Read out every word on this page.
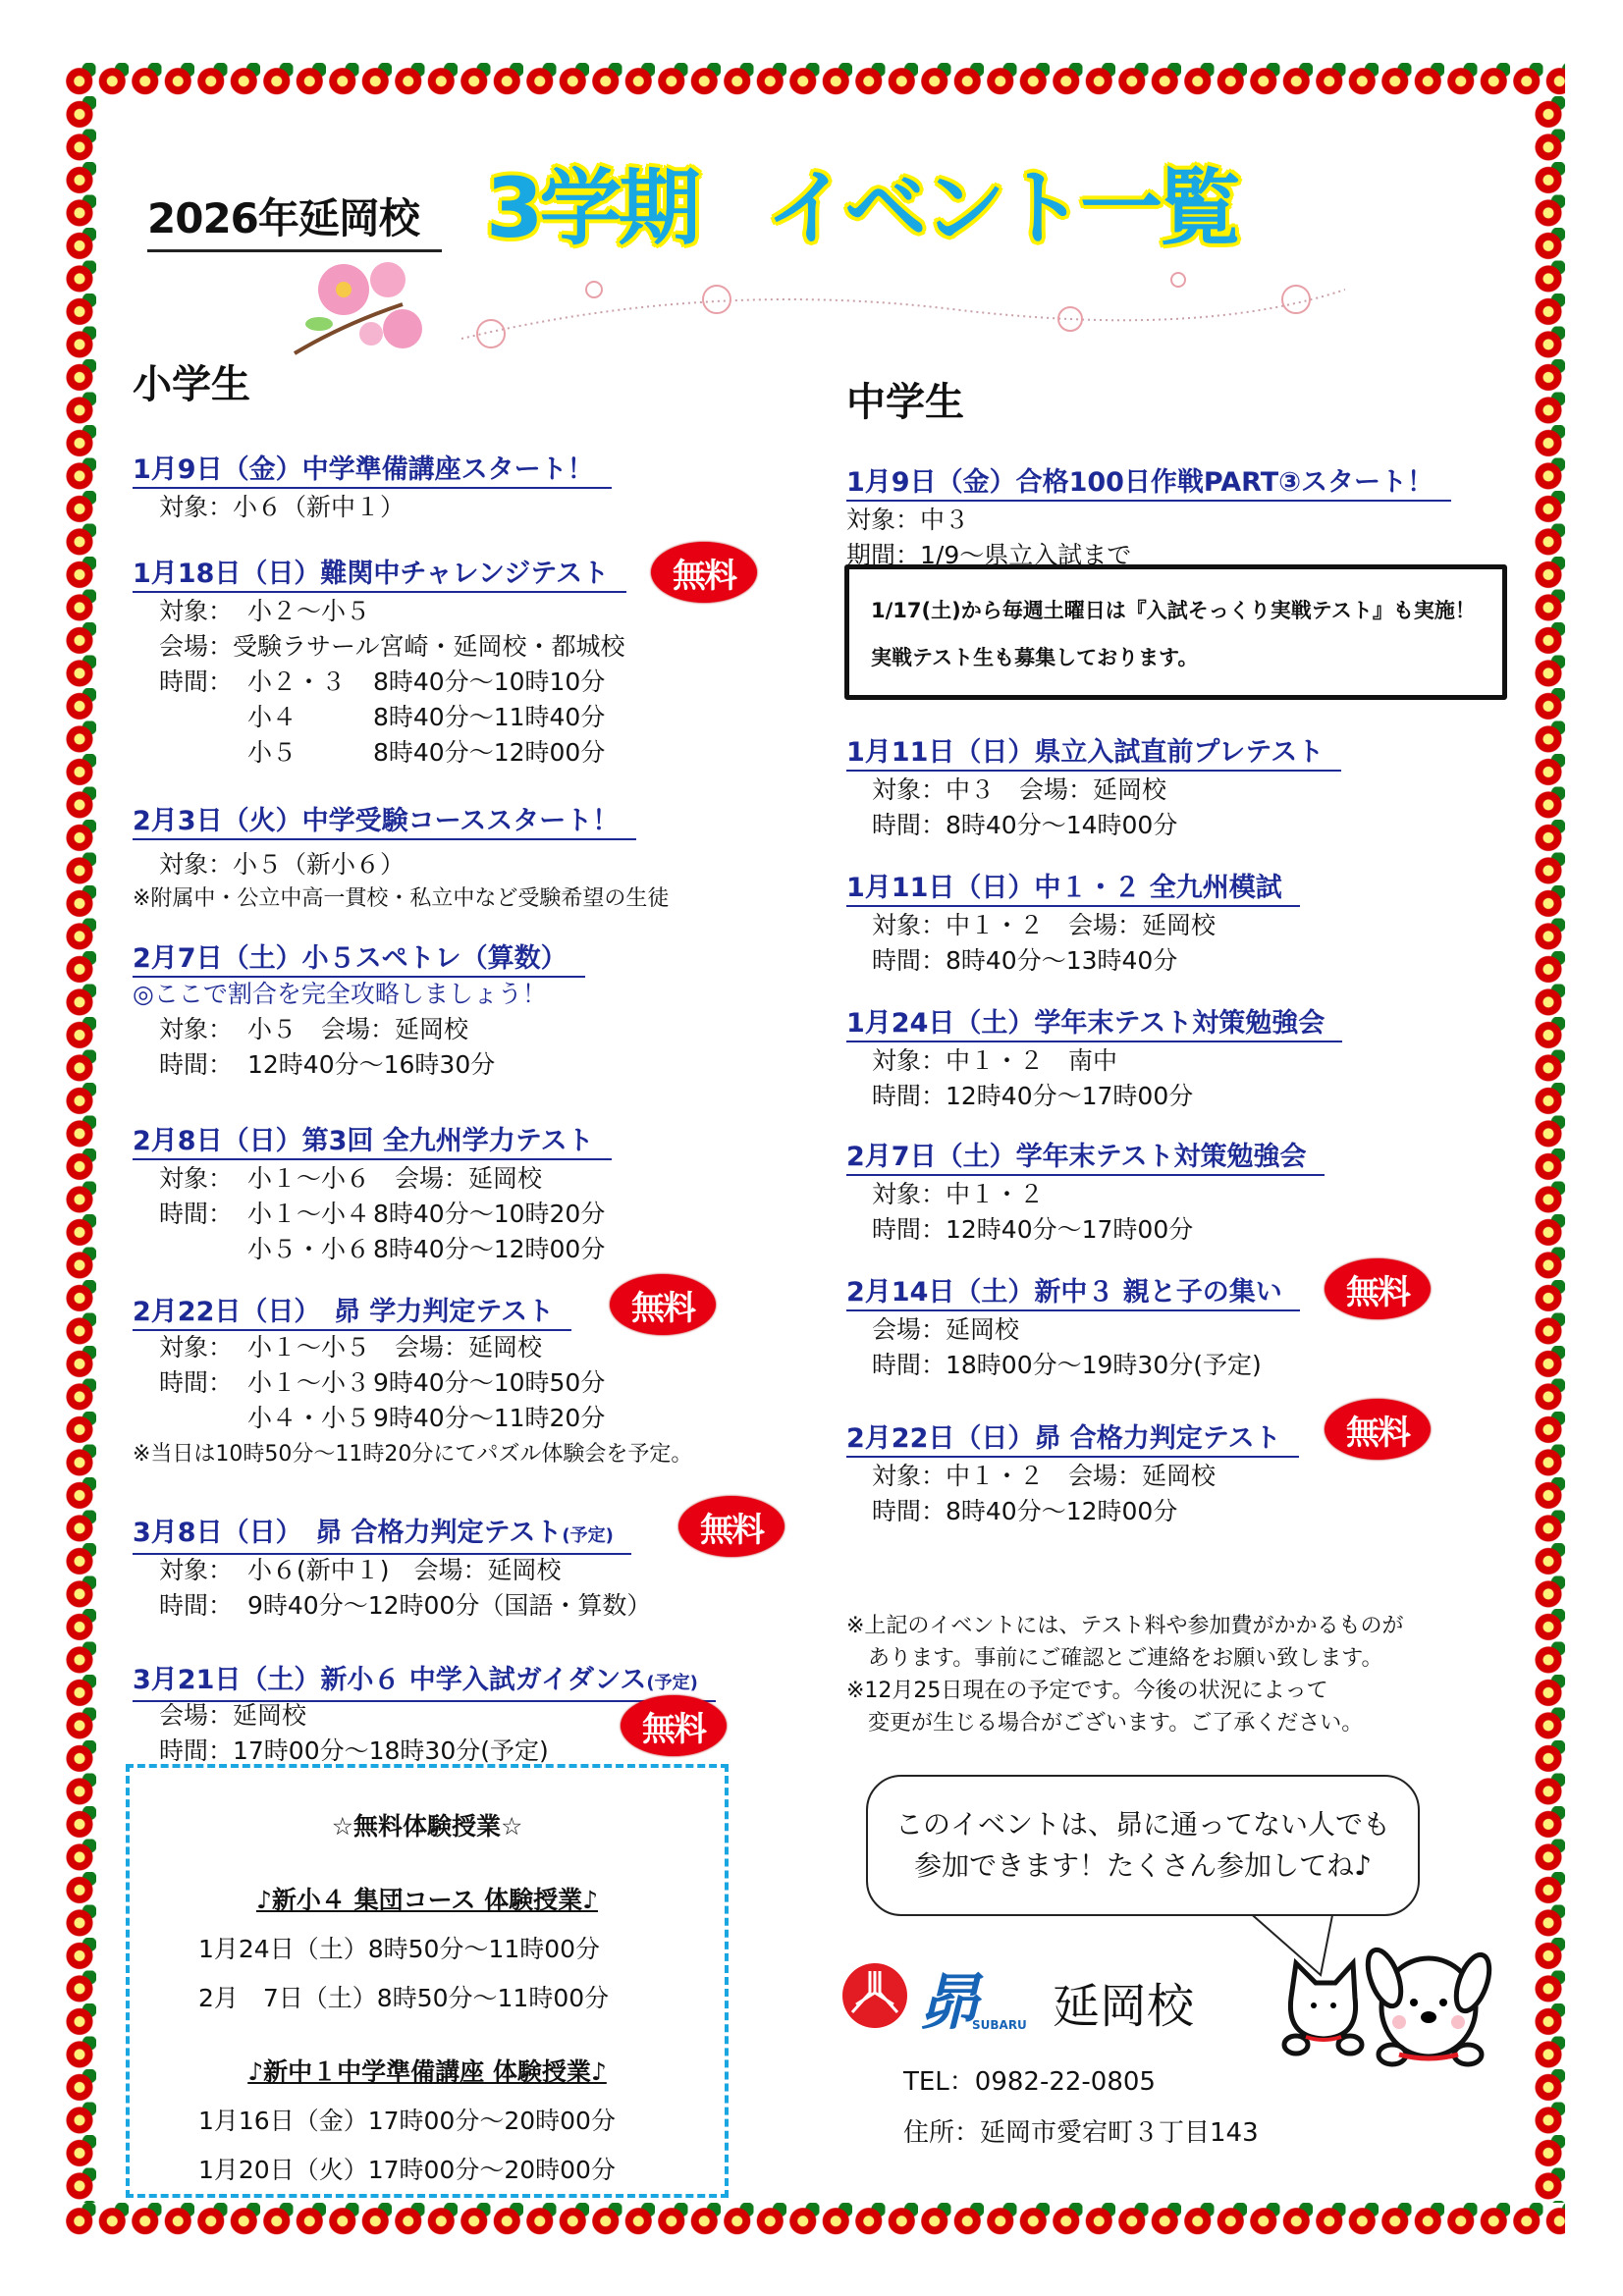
2026年延岡校 3学期 イベント一覧
小学生	中学生
1月9日（金）中学準備講座スタート！
対象：小６（新中１）
1月18日（日）難関中チャレンジテスト
対象： 小２〜小５
会場：受験ラサール宮崎・延岡校・都城校
時間： 小２・３ 8時40分〜10時10分
小４	8時40分〜11時40分
小５	8時40分〜12時00分
無料
2月3日（火）中学受験コーススタート！
対象：小５（新小６）
※附属中・公立中高一貫校・私立中など受験希望の生徒
2月7日（土）小５スペトレ（算数）
◎ここで割合を完全攻略しましょう！
対象： 小５　会場：延岡校
時間： 12時40分〜16時30分
2月8日（日）第3回 全九州学力テスト
対象： 小１〜小６　会場：延岡校
時間： 小１〜小４ 8時40分〜10時20分
小５・小６ 8時40分〜12時00分
2月22日（日）　昴 学力判定テスト
対象： 小１〜小５　会場：延岡校
時間： 小１〜小３ 9時40分〜10時50分
小４・小５ 9時40分〜11時20分
※当日は10時50分〜11時20分にてパズル体験会を予定。
無料
3月8日（日）　昴 合格力判定テスト(予定)
対象： 小６(新中１)　会場：延岡校
時間： 9時40分〜12時00分（国語・算数）
無料
3月21日（土）新小６ 中学入試ガイダンス(予定)
会場：延岡校
時間：17時00分〜18時30分(予定)
無料
1月9日（金）合格100日作戦PART③スタート！
対象：中３
期間：1/9〜県立入試まで
1月11日（日）県立入試直前プレテスト
対象：中３　会場：延岡校
時間：8時40分〜14時00分
1月11日（日）中１・２ 全九州模試
対象：中１・２　会場：延岡校
時間：8時40分〜13時40分
1月24日（土）学年末テスト対策勉強会
対象：中１・２　南中
時間：12時40分〜17時00分
2月7日（土）学年末テスト対策勉強会
対象：中１・２
時間：12時40分〜17時00分
2月14日（土）新中３ 親と子の集い
会場：延岡校
時間：18時00分〜19時30分(予定)
無料
2月22日（日）昴 合格力判定テスト
対象：中１・２　会場：延岡校
時間：8時40分〜12時00分
無料
1/17(土)から毎週土曜日は『入試そっくり実戦テスト』も実施！
実戦テスト生も募集しております。
※上記のイベントには、テスト料や参加費がかかるものが
　あります。事前にご確認とご連絡をお願い致します。
※12月25日現在の予定です。今後の状況によって
　変更が生じる場合がございます。ご了承ください。
このイベントは、昴に通ってない人でも
参加できます！たくさん参加してね♪
☆無料体験授業☆
♪新小４ 集団コース 体験授業♪
1月24日（土）8時50分〜11時00分
2月　7日（土）8時50分〜11時00分
♪新中１中学準備講座 体験授業♪
1月16日（金）17時00分〜20時00分
1月20日（火）17時00分〜20時00分
昴
SUBARU 延岡校
TEL：0982-22-0805
住所：延岡市愛宕町３丁目143
